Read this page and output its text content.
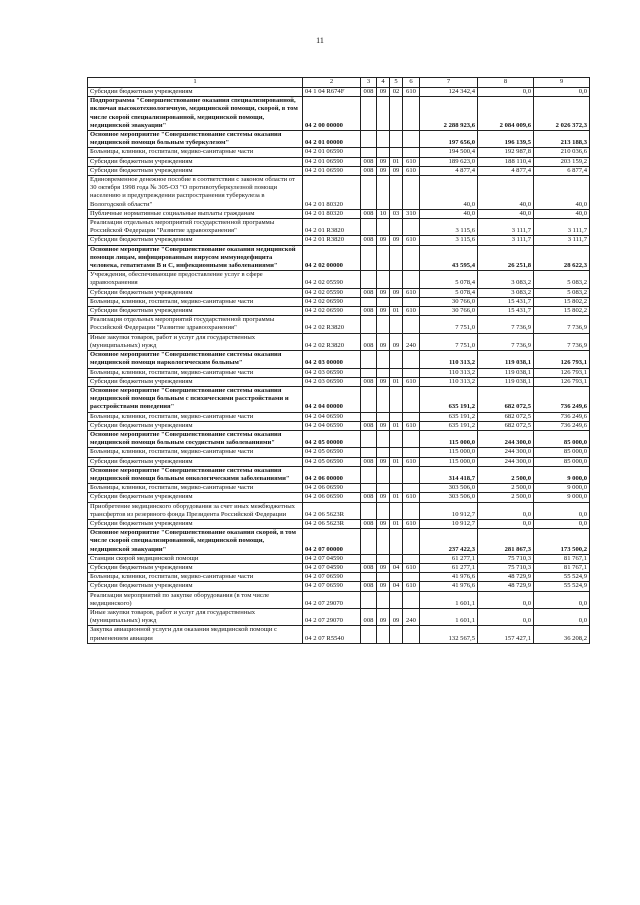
11
1	2	3	4	5	6	7	8	9
Субсидии бюджетным учреждениям	04 1 04 R674F	008	09	02	610	124 342,4	0,0	0,0
Подпрограмма "Совершенствование оказания специализированной, включая высокотехнологичную, медицинской помощи, скорой, в том числе скорой специализированной, медицинской помощи, медицинской эвакуации"	04 2 00 00000					2 288 923,6	2 084 009,6	2 026 372,3
Основное мероприятие "Совершенствование системы оказания медицинской помощи больным туберкулезом"	04 2 01 00000					197 656,0	196 139,5	213 188,3
Больницы, клиники, госпитали, медико-санитарные части	04 2 01 06590					194 500,4	192 987,8	210 036,6
Субсидии бюджетным учреждениям	04 2 01 06590	008	09	01	610	189 623,0	188 110,4	203 159,2
Субсидии бюджетным учреждениям	04 2 01 06590	008	09	09	610	4 877,4	4 877,4	6 877,4
Единовременное денежное пособие в соответствии с законом области от 30 октября 1998 года № 305-ОЗ "О противотуберкулезной помощи населению и предупреждении распространения туберкулеза в Вологодской области"	04 2 01 80320					40,0	40,0	40,0
Публичные нормативные социальные выплаты гражданам	04 2 01 80320	008	10	03	310	40,0	40,0	40,0
Реализация отдельных мероприятий государственной программы Российской Федерации "Развитие здравоохранения"	04 2 01 R3820					3 115,6	3 111,7	3 111,7
Субсидии бюджетным учреждениям	04 2 01 R3820	008	09	09	610	3 115,6	3 111,7	3 111,7
Основное мероприятие "Совершенствование оказания медицинской помощи лицам, инфицированным вирусом иммунодефицита человека, гепатитами В и С, инфекционными заболеваниями"	04 2 02 00000					43 595,4	26 251,8	28 622,3
Учреждения, обеспечивающие предоставление услуг в сфере здравоохранения	04 2 02 05590					5 078,4	3 083,2	5 083,2
Субсидии бюджетным учреждениям	04 2 02 05590	008	09	09	610	5 078,4	3 083,2	5 083,2
Больницы, клиники, госпитали, медико-санитарные части	04 2 02 06590					30 766,0	15 431,7	15 802,2
Субсидии бюджетным учреждениям	04 2 02 06590	008	09	01	610	30 766,0	15 431,7	15 802,2
Реализация отдельных мероприятий государственной программы Российской Федерации "Развитие здравоохранения"	04 2 02 R3820					7 751,0	7 736,9	7 736,9
Иные закупки товаров, работ и услуг для государственных (муниципальных) нужд	04 2 02 R3820	008	09	09	240	7 751,0	7 736,9	7 736,9
Основное мероприятие "Совершенствование системы оказания медицинской помощи наркологическим больным"	04 2 03 00000					110 313,2	119 038,1	126 793,1
Больницы, клиники, госпитали, медико-санитарные части	04 2 03 06590					110 313,2	119 038,1	126 793,1
Субсидии бюджетным учреждениям	04 2 03 06590	008	09	01	610	110 313,2	119 038,1	126 793,1
Основное мероприятие "Совершенствование системы оказания медицинской помощи больным с психическими расстройствами и расстройствами поведения"	04 2 04 00000					635 191,2	682 072,5	736 249,6
Больницы, клиники, госпитали, медико-санитарные части	04 2 04 06590					635 191,2	682 072,5	736 249,6
Субсидии бюджетным учреждениям	04 2 04 06590	008	09	01	610	635 191,2	682 072,5	736 249,6
Основное мероприятие "Совершенствование системы оказания медицинской помощи больным сосудистыми заболеваниями"	04 2 05 00000					115 000,0	244 300,0	85 000,0
Больницы, клиники, госпитали, медико-санитарные части	04 2 05 06590					115 000,0	244 300,0	85 000,0
Субсидии бюджетным учреждениям	04 2 05 06590	008	09	01	610	115 000,0	244 300,0	85 000,0
Основное мероприятие "Совершенствование системы оказания медицинской помощи больным онкологическими заболеваниями"	04 2 06 00000					314 418,7	2 500,0	9 000,0
Больницы, клиники, госпитали, медико-санитарные части	04 2 06 06590					303 506,0	2 500,0	9 000,0
Субсидии бюджетным учреждениям	04 2 06 06590	008	09	01	610	303 506,0	2 500,0	9 000,0
Приобретение медицинского оборудования за счет иных межбюджетных трансфертов из резервного фонда Президента Российской Федерации	04 2 06 5623R					10 912,7	0,0	0,0
Субсидии бюджетным учреждениям	04 2 06 5623R	008	09	01	610	10 912,7	0,0	0,0
Основное мероприятие "Совершенствование оказания скорой, в том числе скорой специализированной, медицинской помощи, медицинской эвакуации"	04 2 07 00000					237 422,3	281 867,3	173 500,2
Станции скорой медицинской помощи	04 2 07 04590					61 277,1	75 710,3	81 767,1
Субсидии бюджетным учреждениям	04 2 07 04590	008	09	04	610	61 277,1	75 710,3	81 767,1
Больницы, клиники, госпитали, медико-санитарные части	04 2 07 06590					41 976,6	48 729,9	55 524,9
Субсидии бюджетным учреждениям	04 2 07 06590	008	09	04	610	41 976,6	48 729,9	55 524,9
Реализация мероприятий по закупке оборудования (в том числе медицинского)	04 2 07 29070					1 601,1	0,0	0,0
Иные закупки товаров, работ и услуг для государственных (муниципальных) нужд	04 2 07 29070	008	09	09	240	1 601,1	0,0	0,0
Закупка авиационной услуги для оказания медицинской помощи с применением авиации	04 2 07 R5540					132 567,5	157 427,1	36 208,2
